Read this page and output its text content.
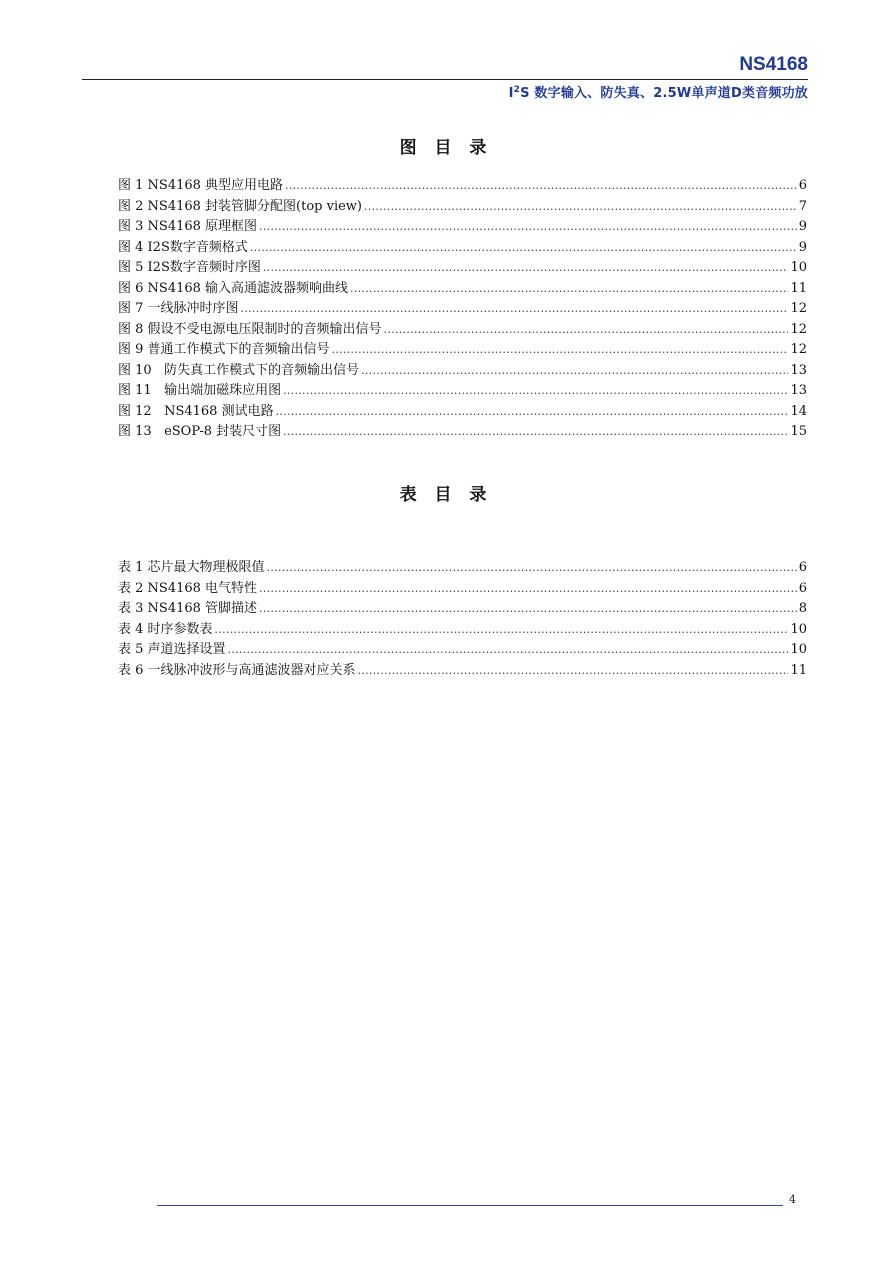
NS4168
$I^2S$ 数字输入、防失真、2.5W单声道D类音频功放
图 目 录
图 1 NS4168 典型应用电路 .....	6
图 2 NS4168 封装管脚分配图(top view) .....	7
图 3 NS4168 原理框图 .....	9
图 4 I2S数字音频格式 .....	9
图 5 I2S数字音频时序图 .....	10
图 6 NS4168 输入高通滤波器频响曲线 .....	11
图 7 一线脉冲时序图 .....	12
图 8 假设不受电源电压限制时的音频输出信号 .....	12
图 9 普通工作模式下的音频输出信号 .....	12
图 10   防失真工作模式下的音频输出信号 .....	13
图 11   输出端加磁珠应用图 .....	13
图 12   NS4168 测试电路 .....	14
图 13   eSOP-8 封装尺寸图 .....	15
表 目 录
表 1 芯片最大物理极限值 .....	6
表 2 NS4168 电气特性 .....	6
表 3 NS4168 管脚描述 .....	8
表 4 时序参数表 .....	10
表 5 声道选择设置 .....	10
表 6 一线脉冲波形与高通滤波器对应关系 .....	11
4
